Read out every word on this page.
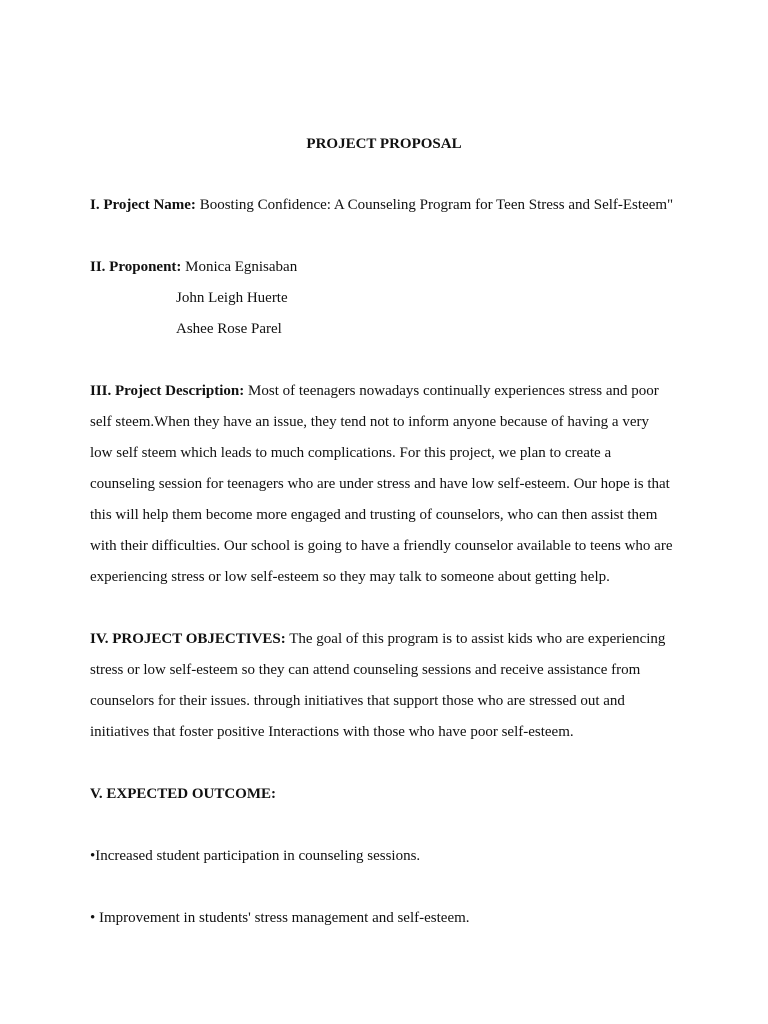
PROJECT PROPOSAL
I. Project Name: Boosting Confidence: A Counseling Program for Teen Stress and Self-Esteem"
II. Proponent: Monica Egnisaban
John Leigh Huerte
Ashee Rose Parel
III. Project Description: Most of teenagers nowadays continually experiences stress and poor
self steem.When they have an issue, they tend not to inform anyone because of having a very
low self steem which leads to much complications. For this project, we plan to create a
counseling session for teenagers who are under stress and have low self-esteem. Our hope is that
this will help them become more engaged and trusting of counselors, who can then assist them
with their difficulties. Our school is going to have a friendly counselor available to teens who are
experiencing stress or low self-esteem so they may talk to someone about getting help.
IV. PROJECT OBJECTIVES: The goal of this program is to assist kids who are experiencing
stress or low self-esteem so they can attend counseling sessions and receive assistance from
counselors for their issues. through initiatives that support those who are stressed out and
initiatives that foster positive Interactions with those who have poor self-esteem.
V. EXPECTED OUTCOME:
•Increased student participation in counseling sessions.
• Improvement in students' stress management and self-esteem.
